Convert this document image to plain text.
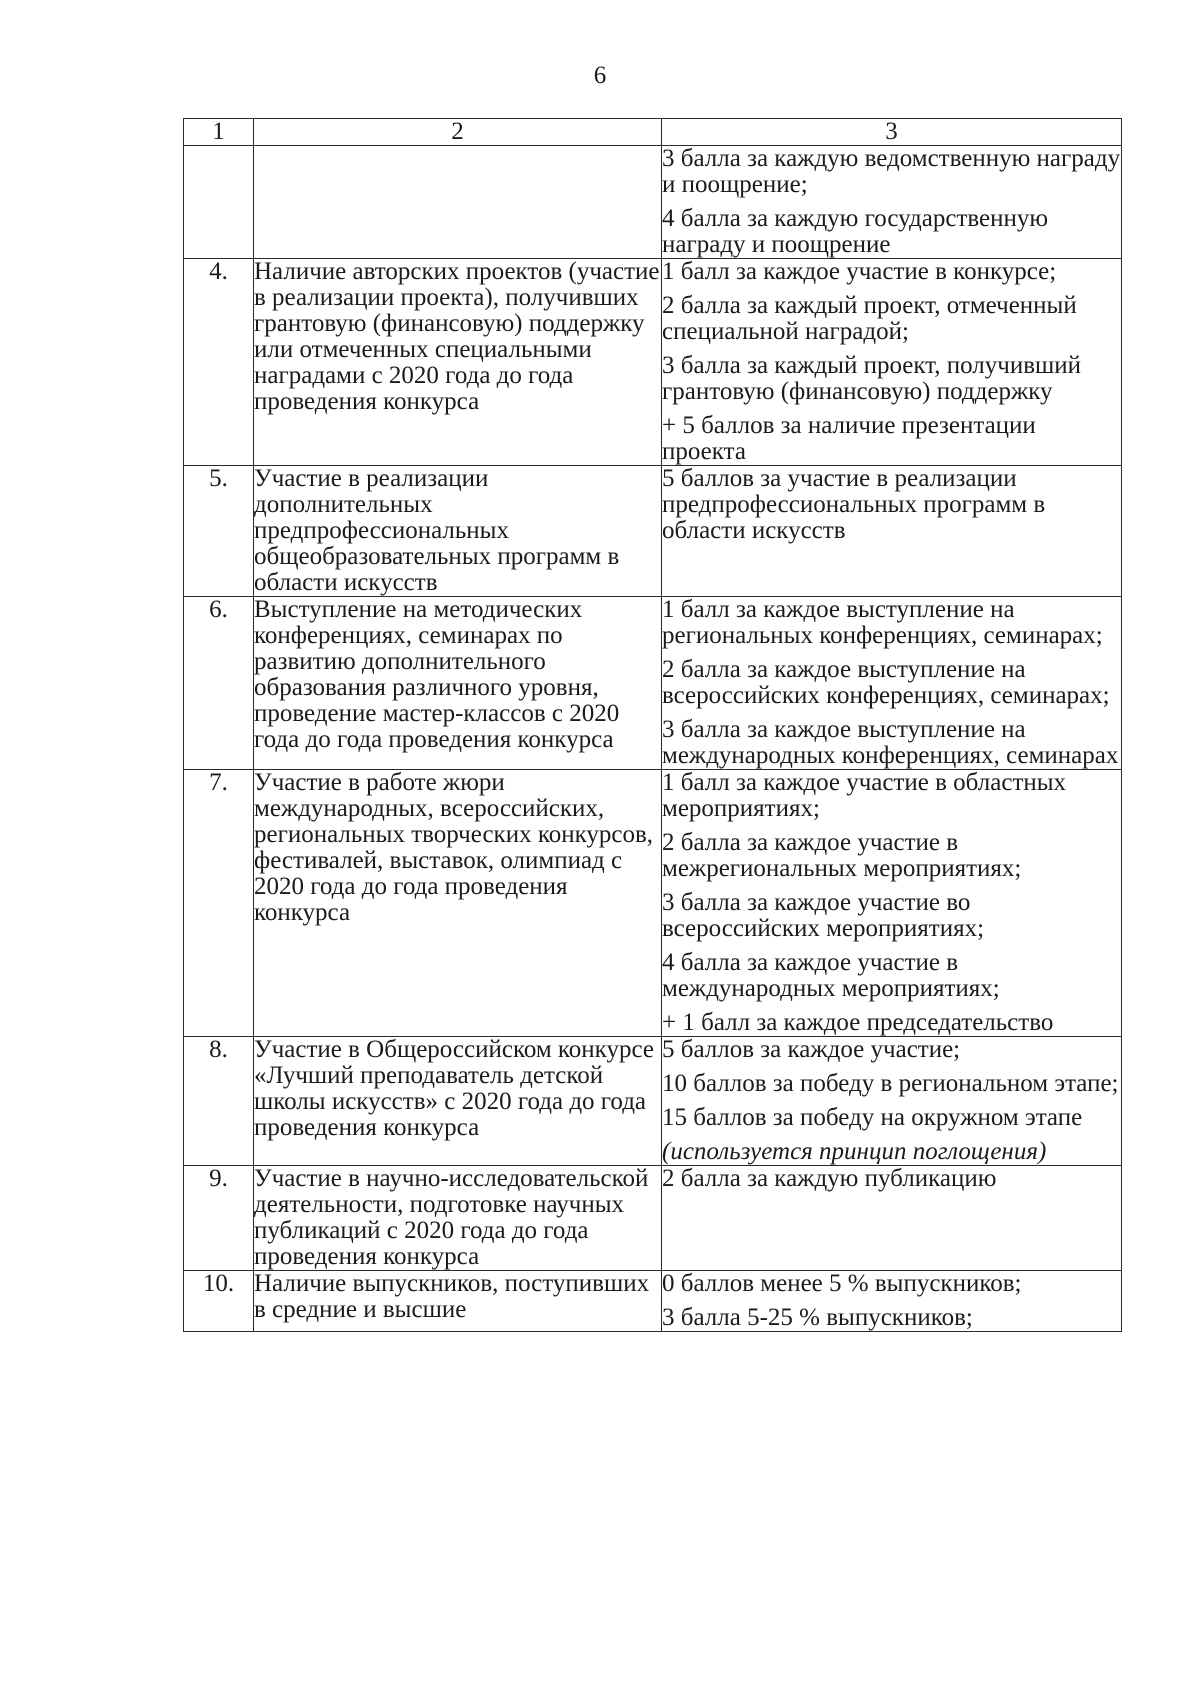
6
1	2	3

		3 балла за каждую ведомственную награду и поощрение;
4 балла за каждую государственную награду и поощрение

4.	Наличие авторских проектов (участие в реализации проекта), получивших грантовую (финансовую) поддержку или отмеченных специальными наградами с 2020 года до года проведения конкурса	1 балл за каждое участие в конкурсе;
2 балла за каждый проект, отмеченный специальной наградой;
3 балла за каждый проект, получивший грантовую (финансовую) поддержку
+ 5 баллов за наличие презентации проекта

5.	Участие в реализации дополнительных предпрофессиональных общеобразовательных программ в области искусств	5 баллов за участие в реализации предпрофессиональных программ в области искусств

6.	Выступление на методических конференциях, семинарах по развитию дополнительного образования различного уровня, проведение мастер-классов с 2020 года до года проведения конкурса	1 балл за каждое выступление на региональных конференциях, семинарах;
2 балла за каждое выступление на всероссийских конференциях, семинарах;
3 балла за каждое выступление на международных конференциях, семинарах

7.	Участие в работе жюри международных, всероссийских, региональных творческих конкурсов, фестивалей, выставок, олимпиад с 2020 года до года проведения конкурса	1 балл за каждое участие в областных мероприятиях;
2 балла за каждое участие в межрегиональных мероприятиях;
3 балла за каждое участие во всероссийских мероприятиях;
4 балла за каждое участие в международных мероприятиях;
+ 1 балл за каждое председательство

8.	Участие в Общероссийском конкурсе «Лучший преподаватель детской школы искусств» с 2020 года до года проведения конкурса	5 баллов за каждое участие;
10 баллов за победу в региональном этапе;
15 баллов за победу на окружном этапе
(используется принцип поглощения)

9.	Участие в научно-исследовательской деятельности, подготовке научных публикаций с 2020 года до года проведения конкурса	2 балла за каждую публикацию

10.	Наличие выпускников, поступивших в средние и высшие	0 баллов менее 5 % выпускников;
3 балла 5-25 % выпускников;
